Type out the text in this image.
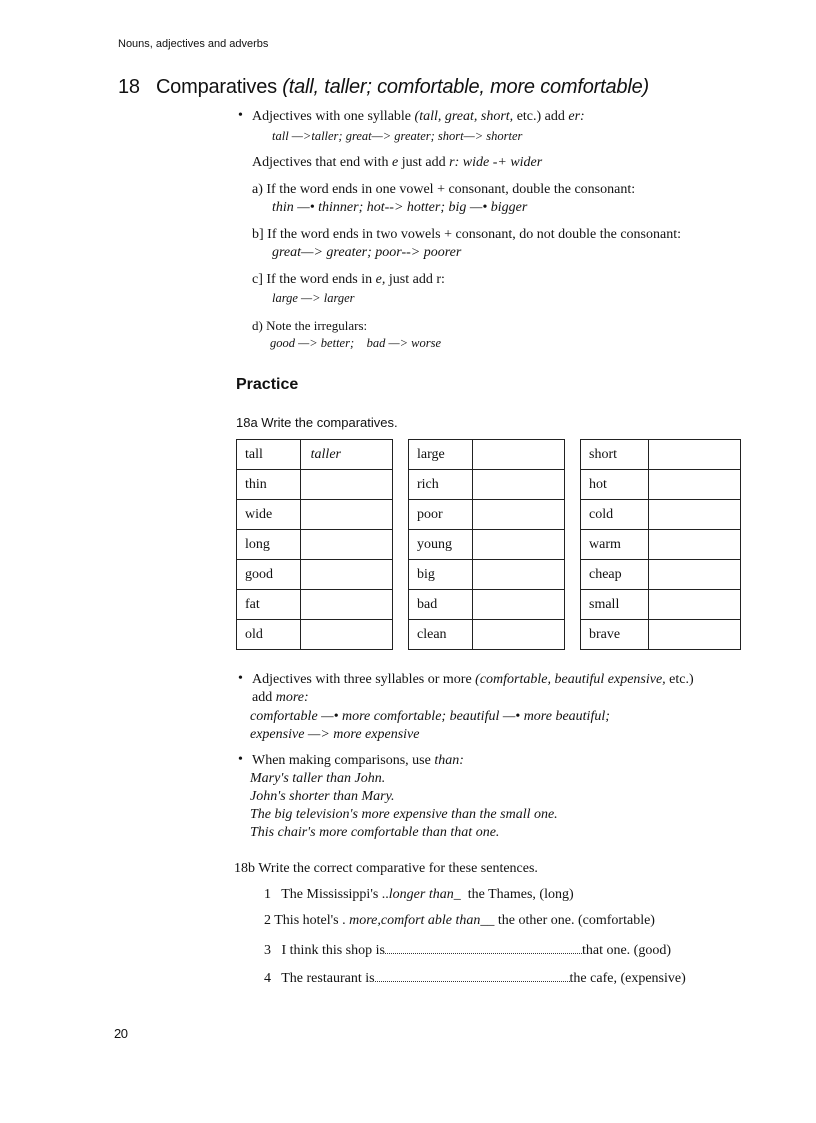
Nouns, adjectives and adverbs
18 Comparatives (tall, taller; comfortable, more comfortable)
• Adjectives with one syllable (tall, great, short, etc.) add er:
tall —>taller; great—> greater; short—> shorter
Adjectives that end with e just add r: wide -+ wider
a) If the word ends in one vowel + consonant, double the consonant:
thin —• thinner; hot--> hotter; big —• bigger
b] If the word ends in two vowels + consonant, do not double the consonant:
great—> greater; poor--> poorer
c] If the word ends in e, just add r:
large —> larger
d) Note the irregulars:
good —> better; bad —> worse
Practice
18a Write the comparatives.
tall	taller
thin	
wide	
long	
good	
fat	
old	
large	
rich	
poor	
young	
big	
bad	
clean	
short	
hot	
cold	
warm	
cheap	
small	
brave	
• Adjectives with three syllables or more (comfortable, beautiful expensive, etc.)
add more:
comfortable —• more comfortable; beautiful —• more beautiful;
expensive —> more expensive
• When making comparisons, use than:
Mary's taller than John.
John's shorter than Mary.
The big television's more expensive than the small one.
This chair's more comfortable than that one.
18b Write the correct comparative for these sentences.
1 The Mississippi's ..longer than_ the Thames, (long)
2 This hotel's . more,comfort able than__ the other one. (comfortable)
3 I think this shop is	that one. (good)
4 The restaurant is	the cafe, (expensive)
20
